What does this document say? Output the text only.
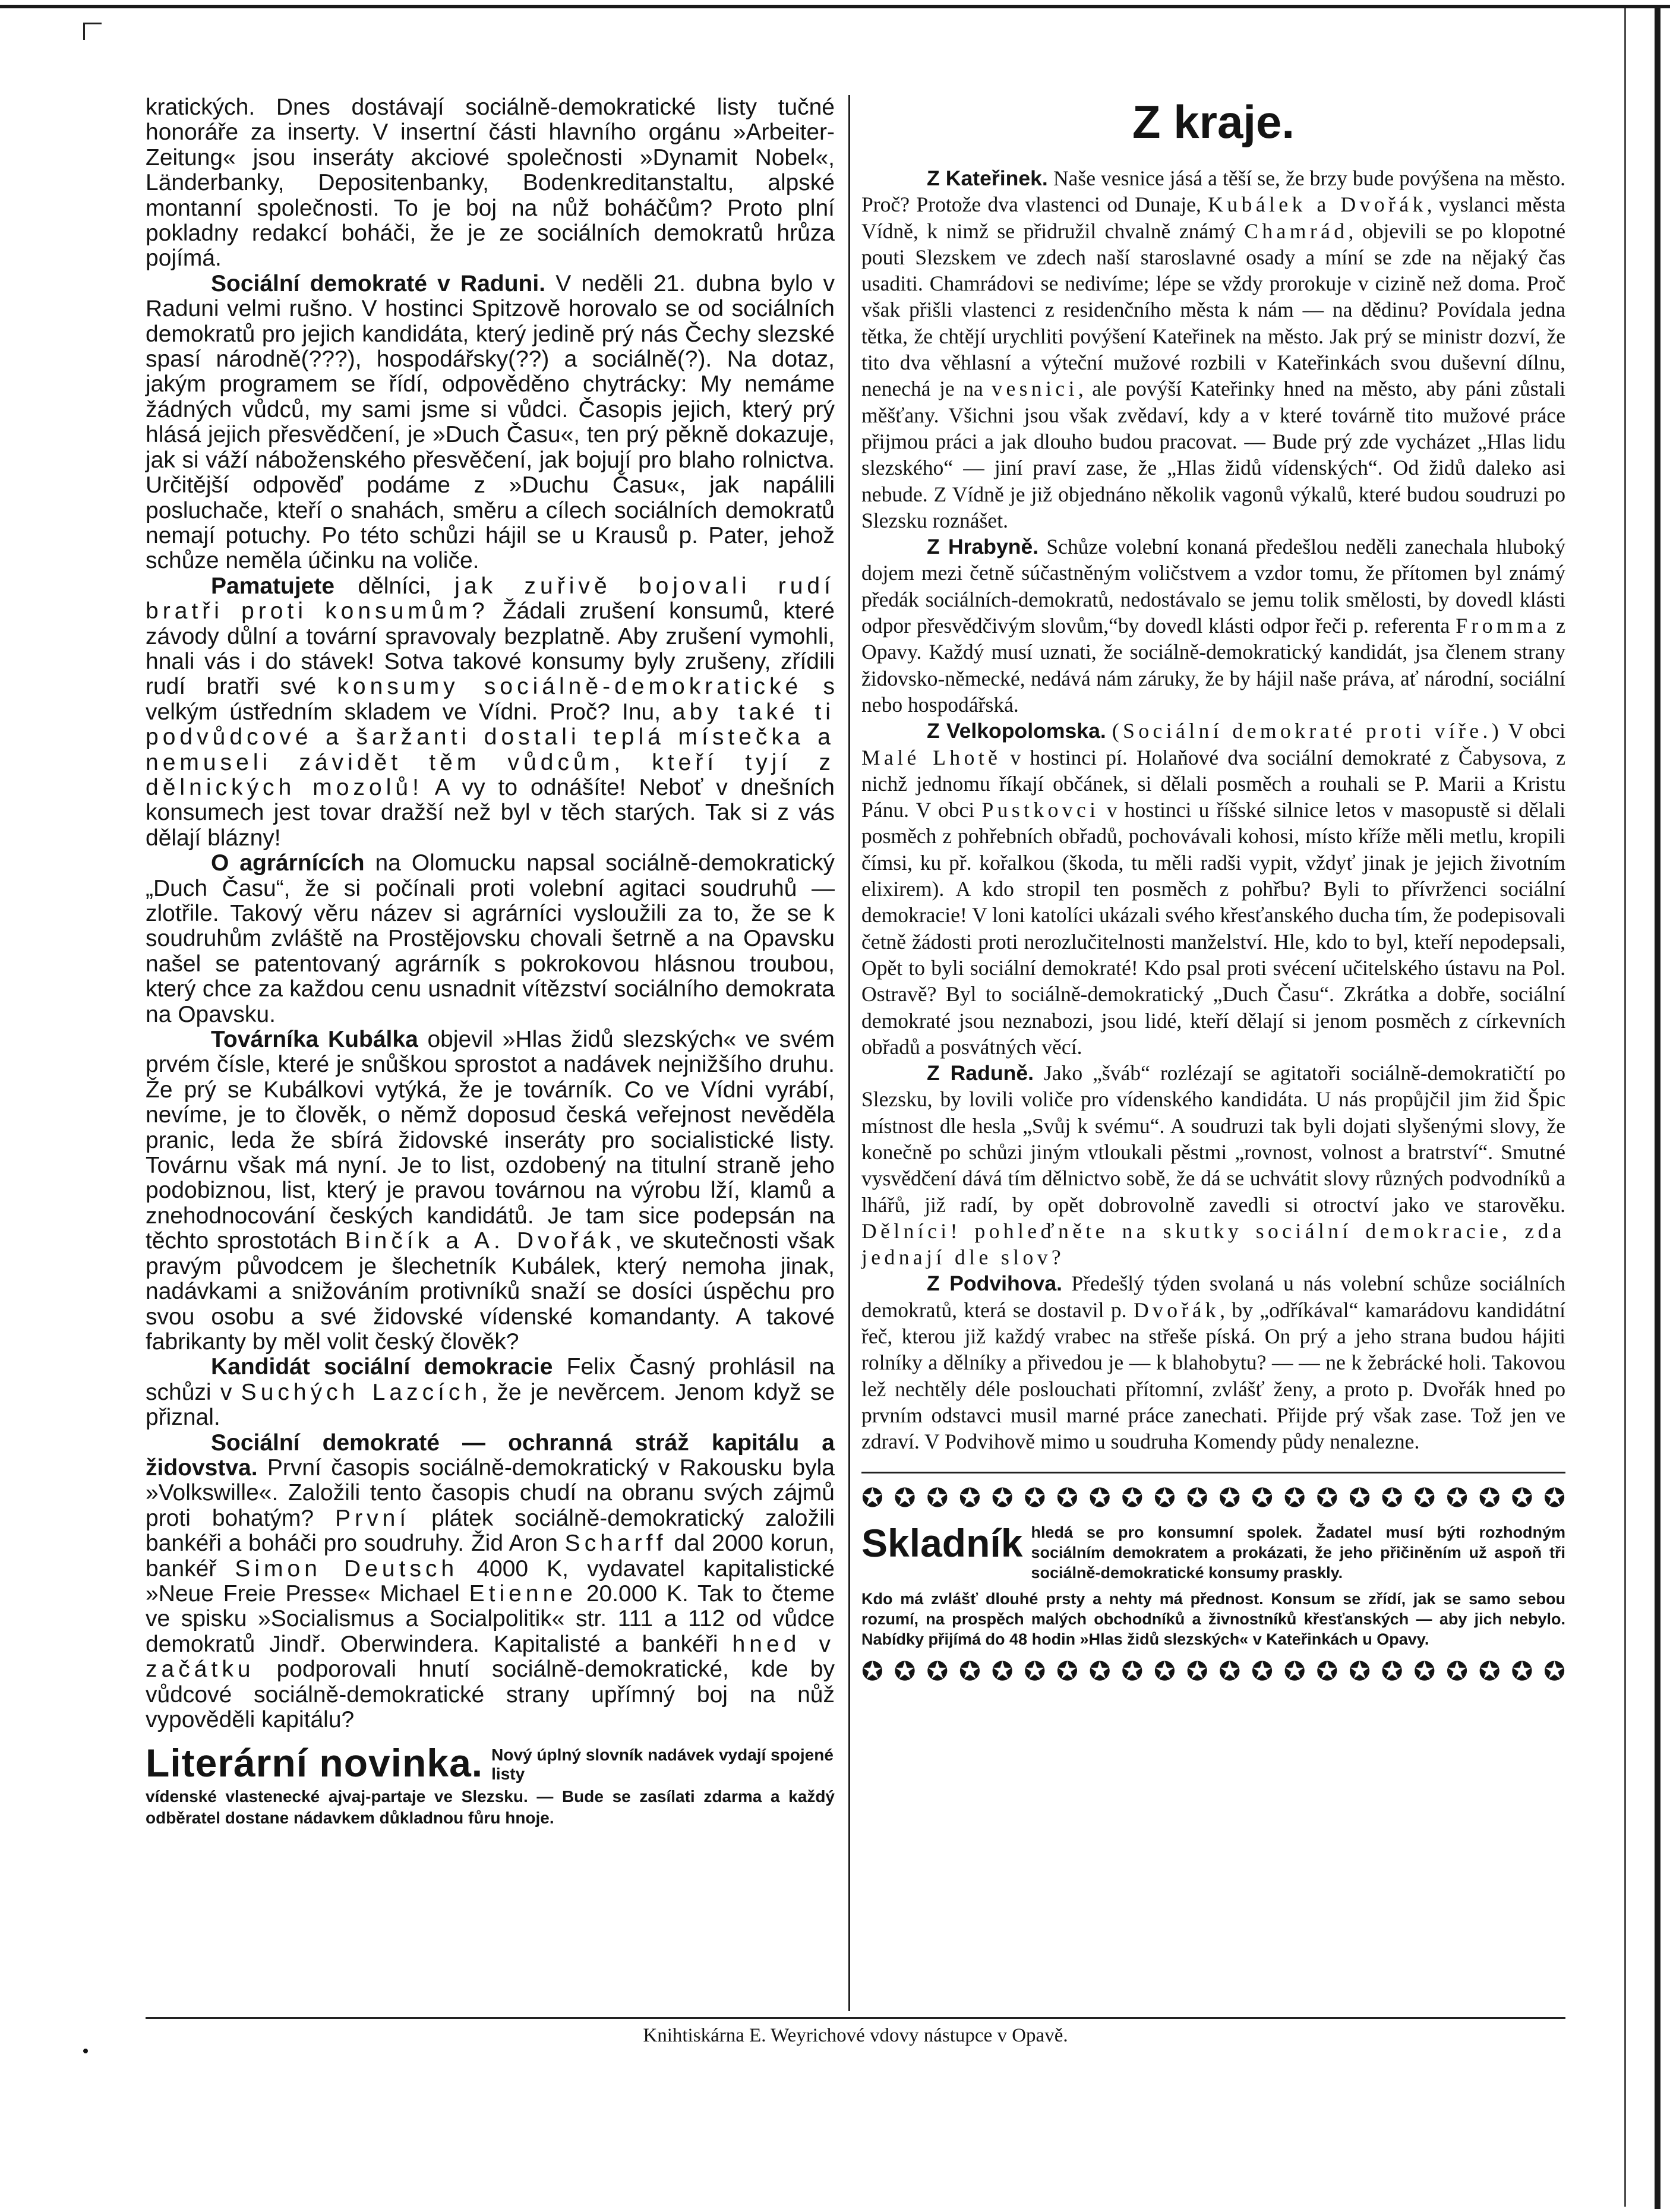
kratických. Dnes dostávají sociálně-demokratické listy tučné honoráře za inserty. V insertní části hlavního orgánu »Arbeiter-Zeitung« jsou inseráty akciové společnosti »Dynamit Nobel«, Länderbanky, Depositenbanky, Bodenkreditanstaltu, alpské montanní společnosti. To je boj na nůž boháčům? Proto plní pokladny redakcí boháči, že je ze sociálních demokratů hrůza pojímá.

Sociální demokraté v Raduni. V neděli 21. dubna bylo v Raduni velmi rušno. V hostinci Spitzově horovalo se od sociálních demokratů pro jejich kandidáta, který jedině prý nás Čechy slezské spasí národně(???), hospodářsky(??) a sociálně(?). Na dotaz, jakým programem se řídí, odpověděno chytrácky: My nemáme žádných vůdců, my sami jsme si vůdci. Časopis jejich, který prý hlásá jejich přesvědčení, je »Duch Času«, ten prý pěkně dokazuje, jak si váží náboženského přesvěčení, jak bojují pro blaho rolnictva. Určitější odpověď podáme z »Duchu Času«, jak napálili posluchače, kteří o snahách, směru a cílech sociálních demokratů nemají potuchy. Po této schůzi hájil se u Krausů p. Pater, jehož schůze neměla účinku na voliče.

Pamatujete dělníci, jak zuřivě bojovali rudí bratři proti konsumům? Žádali zrušení konsumů, které závody důlní a tovární spravovaly bezplatně. Aby zrušení vymohli, hnali vás i do stávek! Sotva takové konsumy byly zrušeny, zřídili rudí bratři své konsumy sociálně-demokratické s velkým ústředním skladem ve Vídni. Proč? Inu, aby také ti podvůdcové a šaržanti dostali teplá místečka a nemuseli závidět těm vůdcům, kteří tyjí z dělnických mozolů! A vy to odnášíte! Neboť v dnešních konsumech jest tovar dražší než byl v těch starých. Tak si z vás dělají blázny!

O agrárnících na Olomucku napsal sociálně-demokratický „Duch Času“, že si počínali proti volební agitaci soudruhů — zlotřile. Takový věru název si agrárníci vysloužili za to, že se k soudruhům zvláště na Prostějovsku chovali šetrně a na Opavsku našel se patentovaný agrárník s pokrokovou hlásnou troubou, který chce za každou cenu usnadnit vítězství sociálního demokrata na Opavsku.

Továrníka Kubálka objevil »Hlas židů slezských« ve svém prvém čísle, které je snůškou sprostot a nadávek nejnižšího druhu. Že prý se Kubálkovi vytýká, že je továrník. Co ve Vídni vyrábí, nevíme, je to člověk, o němž doposud česká veřejnost nevěděla pranic, leda že sbírá židovské inseráty pro socialistické listy. Továrnu však má nyní. Je to list, ozdobený na titulní straně jeho podobiznou, list, který je pravou továrnou na výrobu lží, klamů a znehodnocování českých kandidátů. Je tam sice podepsán na těchto sprostotách Binčík a A. Dvořák, ve skutečnosti však pravým původcem je šlechetník Kubálek, který nemoha jinak, nadávkami a snižováním protivníků snaží se dosíci úspěchu pro svou osobu a své židovské vídenské komandanty. A takové fabrikanty by měl volit český člověk?

Kandidát sociální demokracie Felix Časný prohlásil na schůzi v Suchých Lazcích, že je nevěrcem. Jenom když se přiznal.

Sociální demokraté — ochranná stráž kapitálu a židovstva. První časopis sociálně-demokratický v Rakousku byla »Volkswille«. Založili tento časopis chudí na obranu svých zájmů proti bohatým? První plátek sociálně-demokratický založili bankéři a boháči pro soudruhy. Žid Aron Scharff dal 2000 korun, bankéř Simon Deutsch 4000 K, vydavatel kapitalistické »Neue Freie Presse« Michael Etienne 20.000 K. Tak to čteme ve spisku »Socialismus a Socialpolitik« str. 111 a 112 od vůdce demokratů Jindř. Oberwindera. Kapitalisté a bankéři hned v začátku podporovali hnutí sociálně-demokratické, kde by vůdcové sociálně-demokratické strany upřímný boj na nůž vypověděli kapitálu?

Literární novinka. Nový úplný slovník nadávek vydají spojené listy

vídenské vlastenecké ajvaj-partaje ve Slezsku. — Bude se zasílati zdarma a každý odběratel dostane nádavkem důkladnou fůru hnoje.

Z kraje.

Z Kateřinek. Naše vesnice jásá a těší se, že brzy bude povýšena na město. Proč? Protože dva vlastenci od Dunaje, Kubálek a Dvořák, vyslanci města Vídně, k nimž se přidružil chvalně známý Chamrád, objevili se po klopotné pouti Slezskem ve zdech naší staroslavné osady a míní se zde na nějaký čas usaditi. Chamrádovi se nedivíme; lépe se vždy prorokuje v cizině než doma. Proč však přišli vlastenci z residenčního města k nám — na dědinu? Povídala jedna tětka, že chtějí urychliti povýšení Kateřinek na město. Jak prý se ministr dozví, že tito dva věhlasní a výteční mužové rozbili v Kateřinkách svou duševní dílnu, nenechá je na vesnici, ale povýší Kateřinky hned na město, aby páni zůstali měšťany. Všichni jsou však zvědaví, kdy a v které továrně tito mužové práce přijmou práci a jak dlouho budou pracovat. — Bude prý zde vycházet „Hlas lidu slezského“ — jiní praví zase, že „Hlas židů vídenských“. Od židů daleko asi nebude. Z Vídně je již objednáno několik vagonů výkalů, které budou soudruzi po Slezsku roznášet.

Z Hrabyně. Schůze volební konaná předešlou neděli zanechala hluboký dojem mezi četně súčastněným voličstvem a vzdor tomu, že přítomen byl známý předák sociálních-demokratů, nedostávalo se jemu tolik smělosti, by dovedl klásti odpor přesvědčivým slovům,“by dovedl klásti odpor řeči p. referenta Fromma z Opavy. Každý musí uznati, že sociálně-demokratický kandidát, jsa členem strany židovsko-německé, nedává nám záruky, že by hájil naše práva, ať národní, sociální nebo hospodářská.

Z Velkopolomska. (Sociální demokraté proti víře.) V obci Malé Lhotě v hostinci pí. Holaňové dva sociální demokraté z Čabysova, z nichž jednomu říkají občánek, si dělali posměch a rouhali se P. Marii a Kristu Pánu. V obci Pustkovci v hostinci u říšské silnice letos v masopustě si dělali posměch z pohřebních obřadů, pochovávali kohosi, místo kříže měli metlu, kropili čímsi, ku př. kořalkou (škoda, tu měli radši vypit, vždyť jinak je jejich životním elixirem). A kdo stropil ten posměch z pohřbu? Byli to přívrženci sociální demokracie! V loni katolíci ukázali svého křesťanského ducha tím, že podepisovali četně žádosti proti nerozlučitelnosti manželství. Hle, kdo to byl, kteří nepodepsali, Opět to byli sociální demokraté! Kdo psal proti svécení učitelského ústavu na Pol. Ostravě? Byl to sociálně-demokratický „Duch Času“. Zkrátka a dobře, sociální demokraté jsou neznabozi, jsou lidé, kteří dělají si jenom posměch z církevních obřadů a posvátných věcí.

Z Raduně. Jako „šváb“ rozlézají se agitatoři sociálně-demokratičtí po Slezsku, by lovili voliče pro vídenského kandidáta. U nás propůjčil jim žid Špic místnost dle hesla „Svůj k svému“. A soudruzi tak byli dojati slyšenými slovy, že konečně po schůzi jiným vtloukali pěstmi „rovnost, volnost a bratrství“. Smutné vysvědčení dává tím dělnictvo sobě, že dá se uchvátit slovy různých podvodníků a lhářů, již radí, by opět dobrovolně zavedli si otroctví jako ve starověku. Dělníci! pohleďněte na skutky sociální demokracie, zda jednají dle slov?

Z Podvihova. Předešlý týden svolaná u nás volební schůze sociálních demokratů, která se dostavil p. Dvořák, by „odříkával“ kamarádovu kandidátní řeč, kterou již každý vrabec na střeše píská. On prý a jeho strana budou hájiti rolníky a dělníky a přivedou je — k blahobytu? — — ne k žebrácké holi. Takovou lež nechtěly déle poslouchati přítomní, zvlášť ženy, a proto p. Dvořák hned po prvním odstavci musil marné práce zanechati. Přijde prý však zase. Tož jen ve zdraví. V Podvihově mimo u soudruha Komendy půdy nenalezne.

✪ ✪ ✪ ✪ ✪ ✪ ✪ ✪ ✪ ✪ ✪ ✪ ✪ ✪ ✪ ✪ ✪ ✪ ✪ ✪ ✪ ✪
Skladník hledá se pro konsumní spolek. Žadatel musí býti rozhodným sociálním demokratem a prokázati, že jeho přičiněním už aspoň tři sociálně-demokratické konsumy praskly.

Kdo má zvlášť dlouhé prsty a nehty má přednost. Konsum se zřídí, jak se samo sebou rozumí, na prospěch malých obchodníků a živnostníků křesťanských — aby jich nebylo. Nabídky přijímá do 48 hodin »Hlas židů slezských« v Kateřinkách u Opavy.

✪ ✪ ✪ ✪ ✪ ✪ ✪ ✪ ✪ ✪ ✪ ✪ ✪ ✪ ✪ ✪ ✪ ✪ ✪ ✪ ✪ ✪
Knihtiskárna E. Weyrichové vdovy nástupce v Opavě.
